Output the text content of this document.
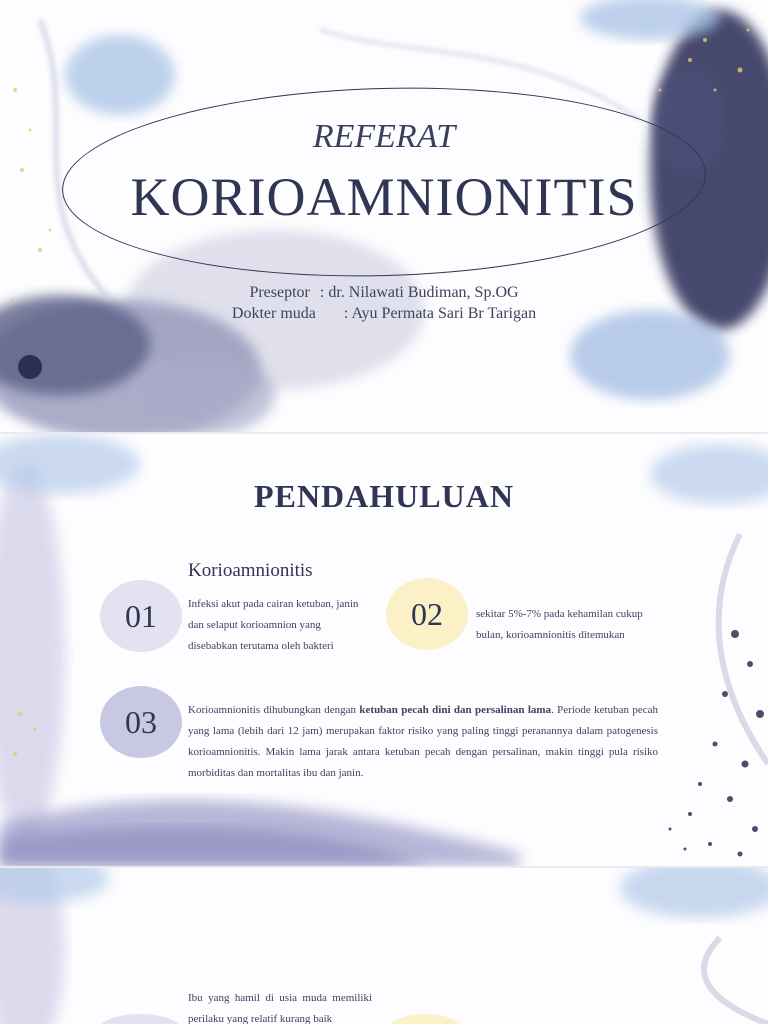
REFERAT
KORIOAMNIONITIS
Preseptor : dr. Nilawati Budiman, Sp.OG
Dokter muda : Ayu Permata Sari Br Tarigan
PENDAHULUAN
Korioamnionitis
01	Infeksi akut pada cairan ketuban, janin dan selaput korioamnion yang disebabkan terutama oleh bakteri
02	sekitar 5%-7% pada kehamilan cukup bulan, korioamnionitis ditemukan
03	Korioamnionitis dihubungkan dengan ketuban pecah dini dan persalinan lama. Periode ketuban pecah yang lama (lebih dari 12 jam) merupakan faktor risiko yang paling tinggi peranannya dalam patogenesis korioamnionitis. Makin lama jarak antara ketuban pecah dengan persalinan, makin tinggi pula risiko morbiditas dan mortalitas ibu dan janin.
Ibu yang hamil di usia muda memiliki perilaku yang relatif kurang baik
